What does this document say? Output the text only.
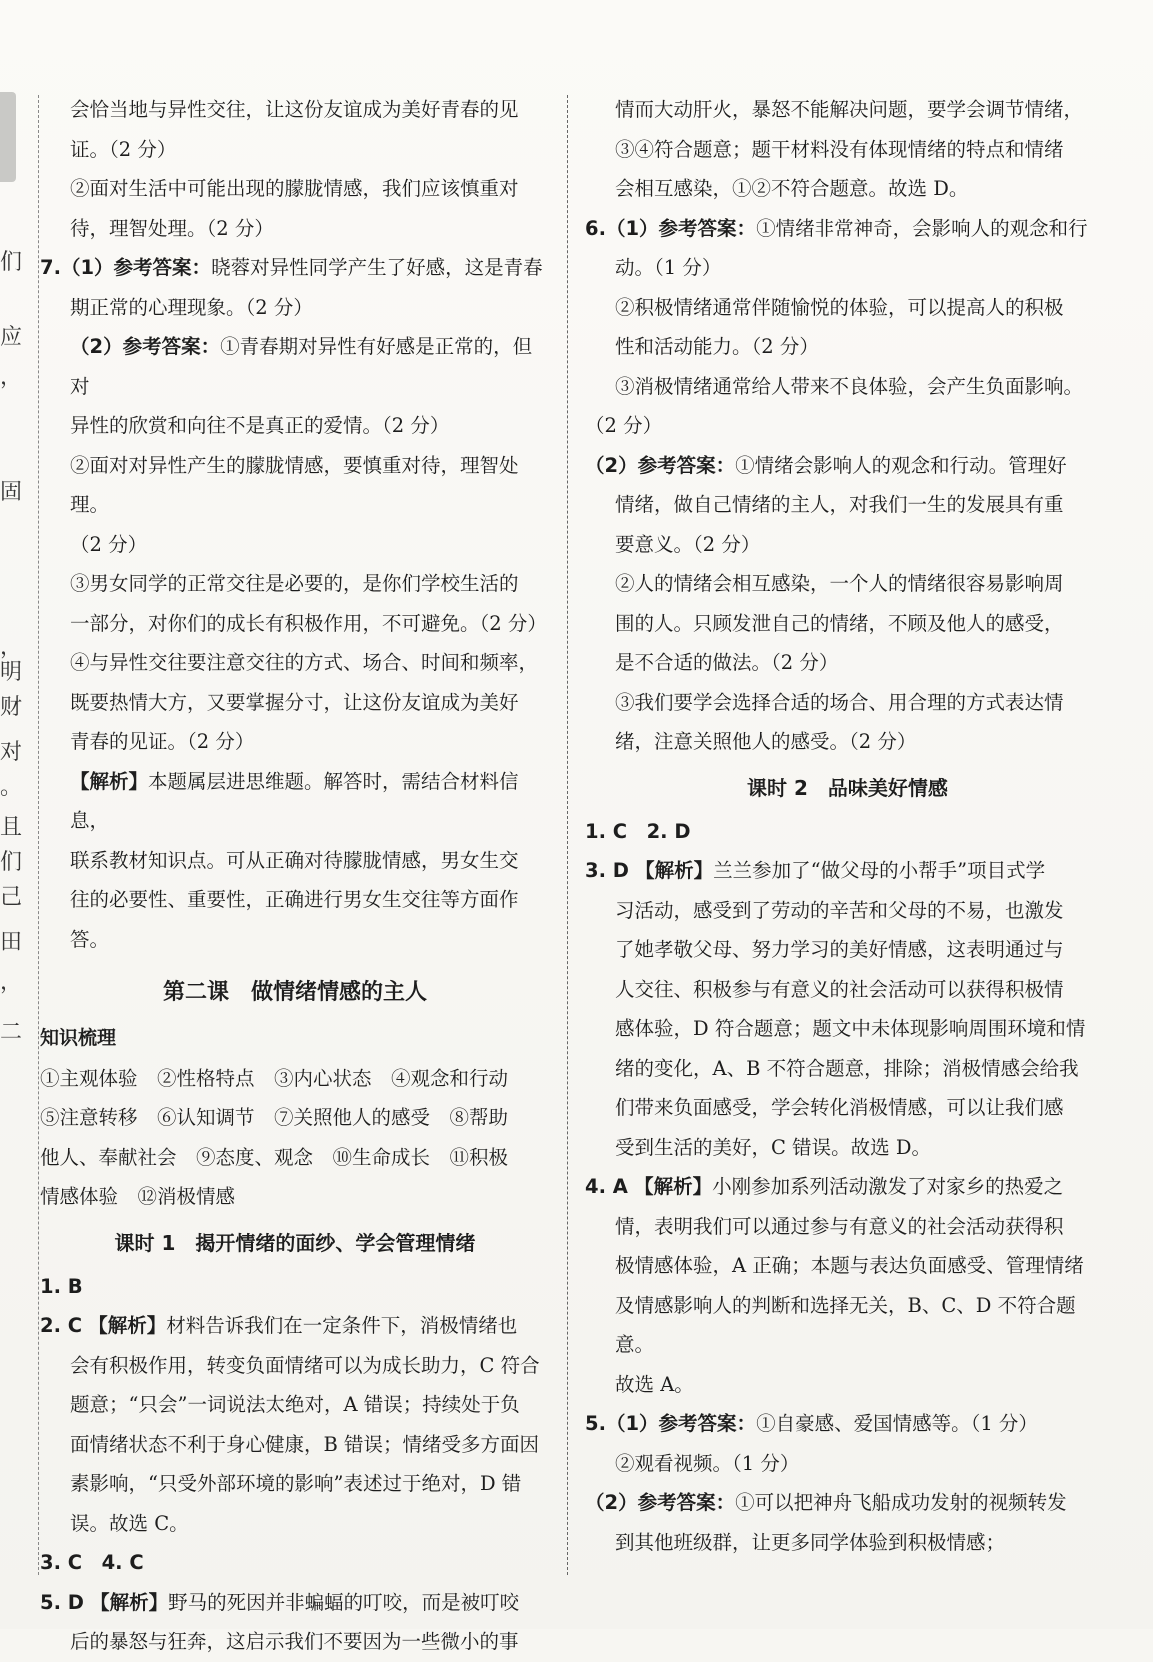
们
应
，
固
，
明
财
对
。
且
们
己
田
，
二

会恰当地与异性交往，让这份友谊成为美好青春的见

证。（2 分）

②面对生活中可能出现的朦胧情感，我们应该慎重对

待，理智处理。（2 分）

7.（1）参考答案：晓蓉对异性同学产生了好感，这是青春

期正常的心理现象。（2 分）

（2）参考答案：①青春期对异性有好感是正常的，但对

异性的欣赏和向往不是真正的爱情。（2 分）

②面对对异性产生的朦胧情感，要慎重对待，理智处理。

（2 分）

③男女同学的正常交往是必要的，是你们学校生活的

一部分，对你们的成长有积极作用，不可避免。（2 分）

④与异性交往要注意交往的方式、场合、时间和频率，

既要热情大方，又要掌握分寸，让这份友谊成为美好

青春的见证。（2 分）

【解析】本题属层进思维题。解答时，需结合材料信息，

联系教材知识点。可从正确对待朦胧情感，男女生交

往的必要性、重要性，正确进行男女生交往等方面作答。

第二课　做情绪情感的主人

知识梳理

①主观体验　②性格特点　③内心状态　④观念和行动

⑤注意转移　⑥认知调节　⑦关照他人的感受　⑧帮助

他人、奉献社会　⑨态度、观念　⑩生命成长　⑪积极

情感体验　⑫消极情感

课时 1　揭开情绪的面纱、学会管理情绪

1. B

2. C 【解析】材料告诉我们在一定条件下，消极情绪也

会有积极作用，转变负面情绪可以为成长助力，C 符合

题意；“只会”一词说法太绝对，A 错误；持续处于负

面情绪状态不利于身心健康，B 错误；情绪受多方面因

素影响，“只受外部环境的影响”表述过于绝对，D 错

误。故选 C。

3. C　4. C

5. D 【解析】野马的死因并非蝙蝠的叮咬，而是被叮咬

后的暴怒与狂奔，这启示我们不要因为一些微小的事

情而大动肝火，暴怒不能解决问题，要学会调节情绪，

③④符合题意；题干材料没有体现情绪的特点和情绪

会相互感染，①②不符合题意。故选 D。

6.（1）参考答案：①情绪非常神奇，会影响人的观念和行

动。（1 分）

②积极情绪通常伴随愉悦的体验，可以提高人的积极

性和活动能力。（2 分）

③消极情绪通常给人带来不良体验，会产生负面影响。

（2 分）

（2）参考答案：①情绪会影响人的观念和行动。管理好

情绪，做自己情绪的主人，对我们一生的发展具有重

要意义。（2 分）

②人的情绪会相互感染，一个人的情绪很容易影响周

围的人。只顾发泄自己的情绪，不顾及他人的感受，

是不合适的做法。（2 分）

③我们要学会选择合适的场合、用合理的方式表达情

绪，注意关照他人的感受。（2 分）

课时 2　品味美好情感

1. C　2. D

3. D 【解析】兰兰参加了“做父母的小帮手”项目式学

习活动，感受到了劳动的辛苦和父母的不易，也激发

了她孝敬父母、努力学习的美好情感，这表明通过与

人交往、积极参与有意义的社会活动可以获得积极情

感体验，D 符合题意；题文中未体现影响周围环境和情

绪的变化，A、B 不符合题意，排除；消极情感会给我

们带来负面感受，学会转化消极情感，可以让我们感

受到生活的美好，C 错误。故选 D。

4. A 【解析】小刚参加系列活动激发了对家乡的热爱之

情，表明我们可以通过参与有意义的社会活动获得积

极情感体验，A 正确；本题与表达负面感受、管理情绪

及情感影响人的判断和选择无关，B、C、D 不符合题意。

故选 A。

5.（1）参考答案：①自豪感、爱国情感等。（1 分）

②观看视频。（1 分）

（2）参考答案：①可以把神舟飞船成功发射的视频转发

到其他班级群，让更多同学体验到积极情感；
